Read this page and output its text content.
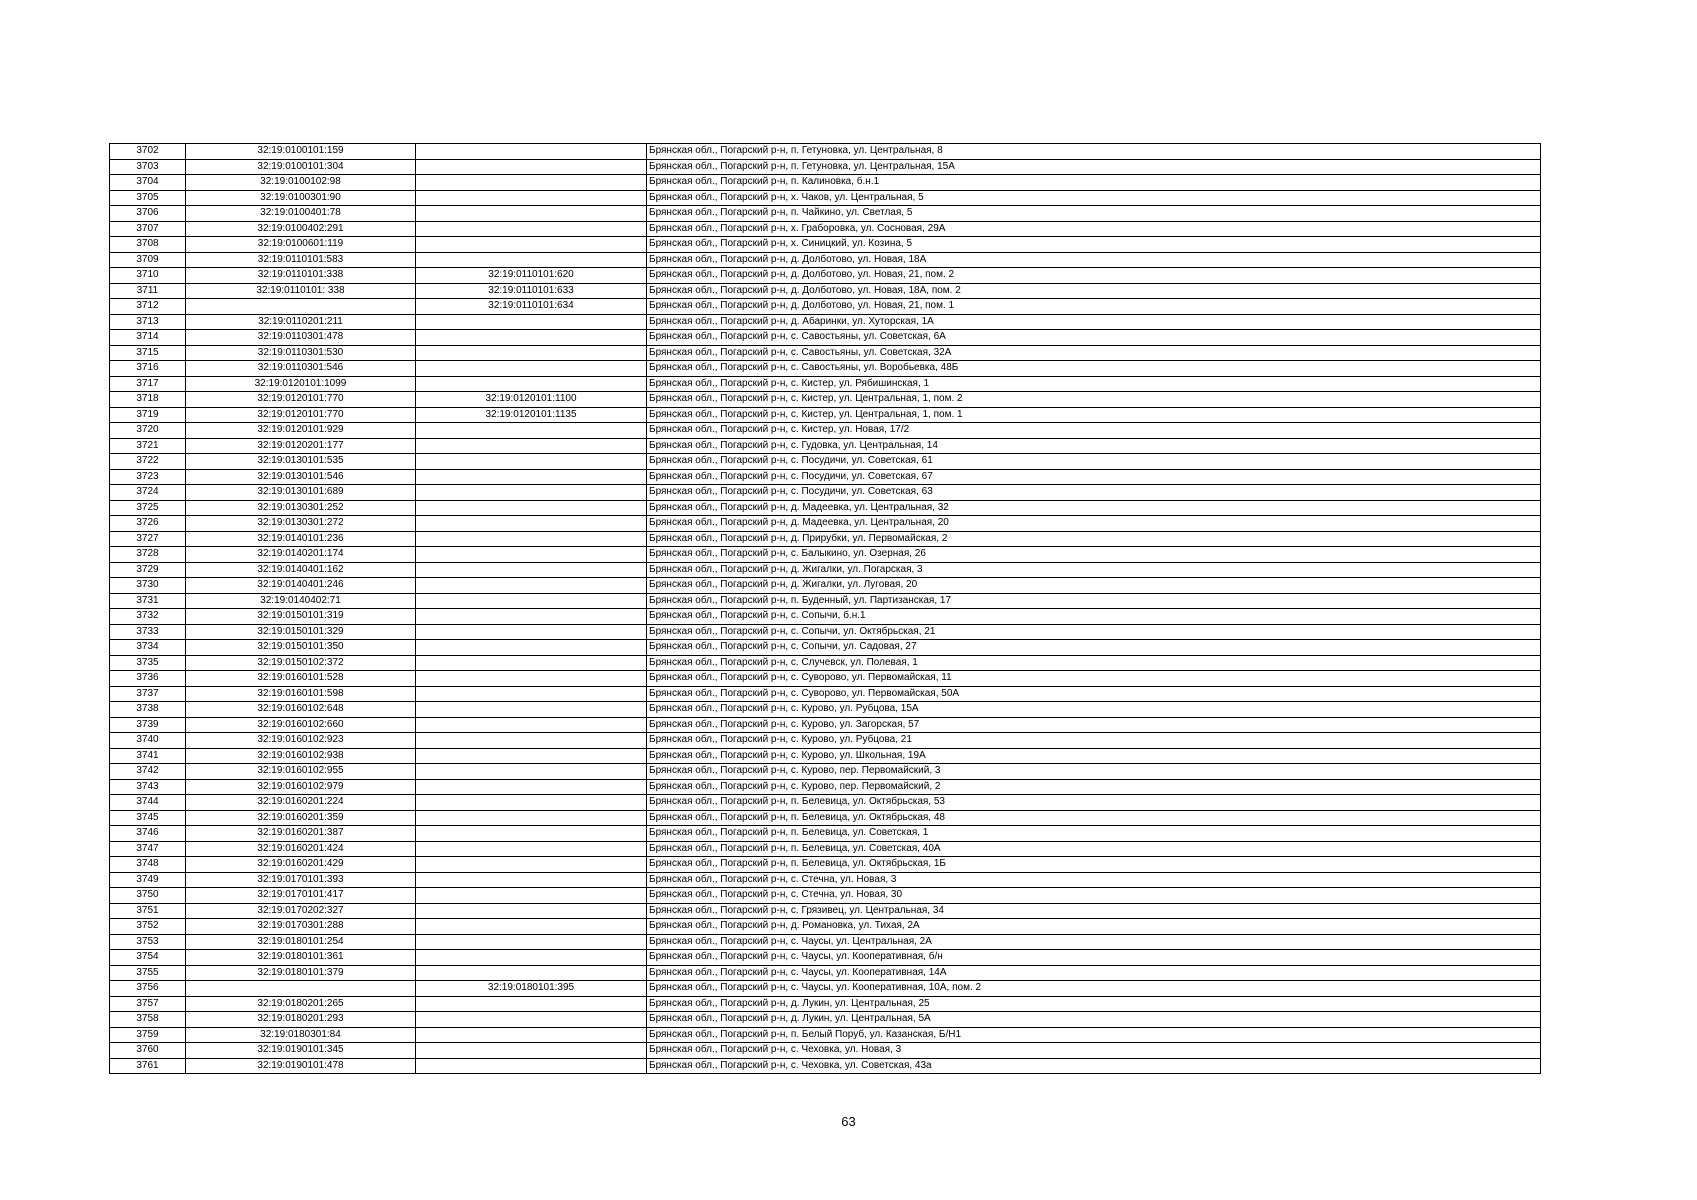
3702	32:19:0100101:159		Брянская обл., Погарский р-н, п. Гетуновка, ул. Центральная, 8
3703	32:19:0100101:304		Брянская обл., Погарский р-н, п. Гетуновка, ул. Центральная, 15А
3704	32:19:0100102:98		Брянская обл., Погарский р-н, п. Калиновка, б.н.1
3705	32:19:0100301:90		Брянская обл., Погарский р-н, х. Чаков, ул. Центральная, 5
3706	32:19:0100401:78		Брянская обл., Погарский р-н, п. Чайкино, ул. Светлая, 5
3707	32:19:0100402:291		Брянская обл., Погарский р-н, х. Граборовка, ул. Сосновая, 29А
3708	32:19:0100601:119		Брянская обл., Погарский р-н, х. Синицкий, ул. Козина, 5
3709	32:19:0110101:583		Брянская обл., Погарский р-н, д. Долботово, ул. Новая, 18А
3710	32:19:0110101:338	32:19:0110101:620	Брянская обл., Погарский р-н, д. Долботово, ул. Новая, 21, пом. 2
3711	32:19:0110101: 338	32:19:0110101:633	Брянская обл., Погарский р-н, д. Долботово, ул. Новая, 18А, пом. 2
3712		32:19:0110101:634	Брянская обл., Погарский р-н, д. Долботово, ул. Новая, 21, пом. 1
3713	32:19:0110201:211		Брянская обл., Погарский р-н, д. Абаринки, ул. Хуторская, 1А
3714	32:19:0110301:478		Брянская обл., Погарский р-н, с. Савостьяны, ул. Советская, 6А
3715	32:19:0110301:530		Брянская обл., Погарский р-н, с. Савостьяны, ул. Советская, 32А
3716	32:19:0110301:546		Брянская обл., Погарский р-н, с. Савостьяны, ул. Воробьевка, 48Б
3717	32:19:0120101:1099		Брянская обл., Погарский р-н, с. Кистер, ул. Рябишинская, 1
3718	32:19:0120101:770	32:19:0120101:1100	Брянская обл., Погарский р-н, с. Кистер, ул. Центральная, 1, пом. 2
3719	32:19:0120101:770	32:19:0120101:1135	Брянская обл., Погарский р-н, с. Кистер, ул. Центральная, 1, пом. 1
3720	32:19:0120101:929		Брянская обл., Погарский р-н, с. Кистер, ул. Новая, 17/2
3721	32:19:0120201:177		Брянская обл., Погарский р-н, с. Гудовка, ул. Центральная, 14
3722	32:19:0130101:535		Брянская обл., Погарский р-н, с. Посудичи, ул. Советская, 61
3723	32:19:0130101:546		Брянская обл., Погарский р-н, с. Посудичи, ул. Советская, 67
3724	32:19:0130101:689		Брянская обл., Погарский р-н, с. Посудичи, ул. Советская, 63
3725	32:19:0130301:252		Брянская обл., Погарский р-н, д. Мадеевка, ул. Центральная, 32
3726	32:19:0130301:272		Брянская обл., Погарский р-н, д. Мадеевка, ул. Центральная, 20
3727	32:19:0140101:236		Брянская обл., Погарский р-н, д. Прирубки, ул. Первомайская, 2
3728	32:19:0140201:174		Брянская обл., Погарский р-н, с. Балыкино, ул. Озерная, 26
3729	32:19:0140401:162		Брянская обл., Погарский р-н, д. Жигалки, ул. Погарская, 3
3730	32:19:0140401:246		Брянская обл., Погарский р-н, д. Жигалки, ул. Луговая, 20
3731	32:19:0140402:71		Брянская обл., Погарский р-н, п. Буденный, ул. Партизанская, 17
3732	32:19:0150101:319		Брянская обл., Погарский р-н, с. Сопычи, б.н.1
3733	32:19:0150101:329		Брянская обл., Погарский р-н, с. Сопычи, ул. Октябрьская, 21
3734	32:19:0150101:350		Брянская обл., Погарский р-н, с. Сопычи, ул. Садовая, 27
3735	32:19:0150102:372		Брянская обл., Погарский р-н, с. Случевск, ул. Полевая, 1
3736	32:19:0160101:528		Брянская обл., Погарский р-н, с. Суворово, ул. Первомайская, 11
3737	32:19:0160101:598		Брянская обл., Погарский р-н, с. Суворово, ул. Первомайская, 50А
3738	32:19:0160102:648		Брянская обл., Погарский р-н, с. Курово, ул. Рубцова, 15А
3739	32:19:0160102:660		Брянская обл., Погарский р-н, с. Курово, ул. Загорская, 57
3740	32:19:0160102:923		Брянская обл., Погарский р-н, с. Курово, ул. Рубцова, 21
3741	32:19:0160102:938		Брянская обл., Погарский р-н, с. Курово, ул. Школьная, 19А
3742	32:19:0160102:955		Брянская обл., Погарский р-н, с. Курово, пер. Первомайский, 3
3743	32:19:0160102:979		Брянская обл., Погарский р-н, с. Курово, пер. Первомайский, 2
3744	32:19:0160201:224		Брянская обл., Погарский р-н, п. Белевица, ул. Октябрьская, 53
3745	32:19:0160201:359		Брянская обл., Погарский р-н, п. Белевица, ул. Октябрьская, 48
3746	32:19:0160201:387		Брянская обл., Погарский р-н, п. Белевица, ул. Советская, 1
3747	32:19:0160201:424		Брянская обл., Погарский р-н, п. Белевица, ул. Советская, 40А
3748	32:19:0160201:429		Брянская обл., Погарский р-н, п. Белевица, ул. Октябрьская, 1Б
3749	32:19:0170101:393		Брянская обл., Погарский р-н, с. Стечна, ул. Новая, 3
3750	32:19:0170101:417		Брянская обл., Погарский р-н, с. Стечна, ул. Новая, 30
3751	32:19:0170202:327		Брянская обл., Погарский р-н, с. Грязивец, ул. Центральная, 34
3752	32:19:0170301:288		Брянская обл., Погарский р-н, д. Романовка, ул. Тихая, 2А
3753	32:19:0180101:254		Брянская обл., Погарский р-н, с. Чаусы, ул. Центральная, 2А
3754	32:19:0180101:361		Брянская обл., Погарский р-н, с. Чаусы, ул. Кооперативная, б/н
3755	32:19:0180101:379		Брянская обл., Погарский р-н, с. Чаусы, ул. Кооперативная, 14А
3756		32:19:0180101:395	Брянская обл., Погарский р-н, с. Чаусы, ул. Кооперативная, 10А, пом. 2
3757	32:19:0180201:265		Брянская обл., Погарский р-н, д. Лукин, ул. Центральная, 25
3758	32:19:0180201:293		Брянская обл., Погарский р-н, д. Лукин, ул. Центральная, 5А
3759	32:19:0180301:84		Брянская обл., Погарский р-н, п. Белый Поруб, ул. Казанская, Б/Н1
3760	32:19:0190101:345		Брянская обл., Погарский р-н, с. Чеховка, ул. Новая, 3
3761	32:19:0190101:478		Брянская обл., Погарский р-н, с. Чеховка, ул. Советская, 43а
63
